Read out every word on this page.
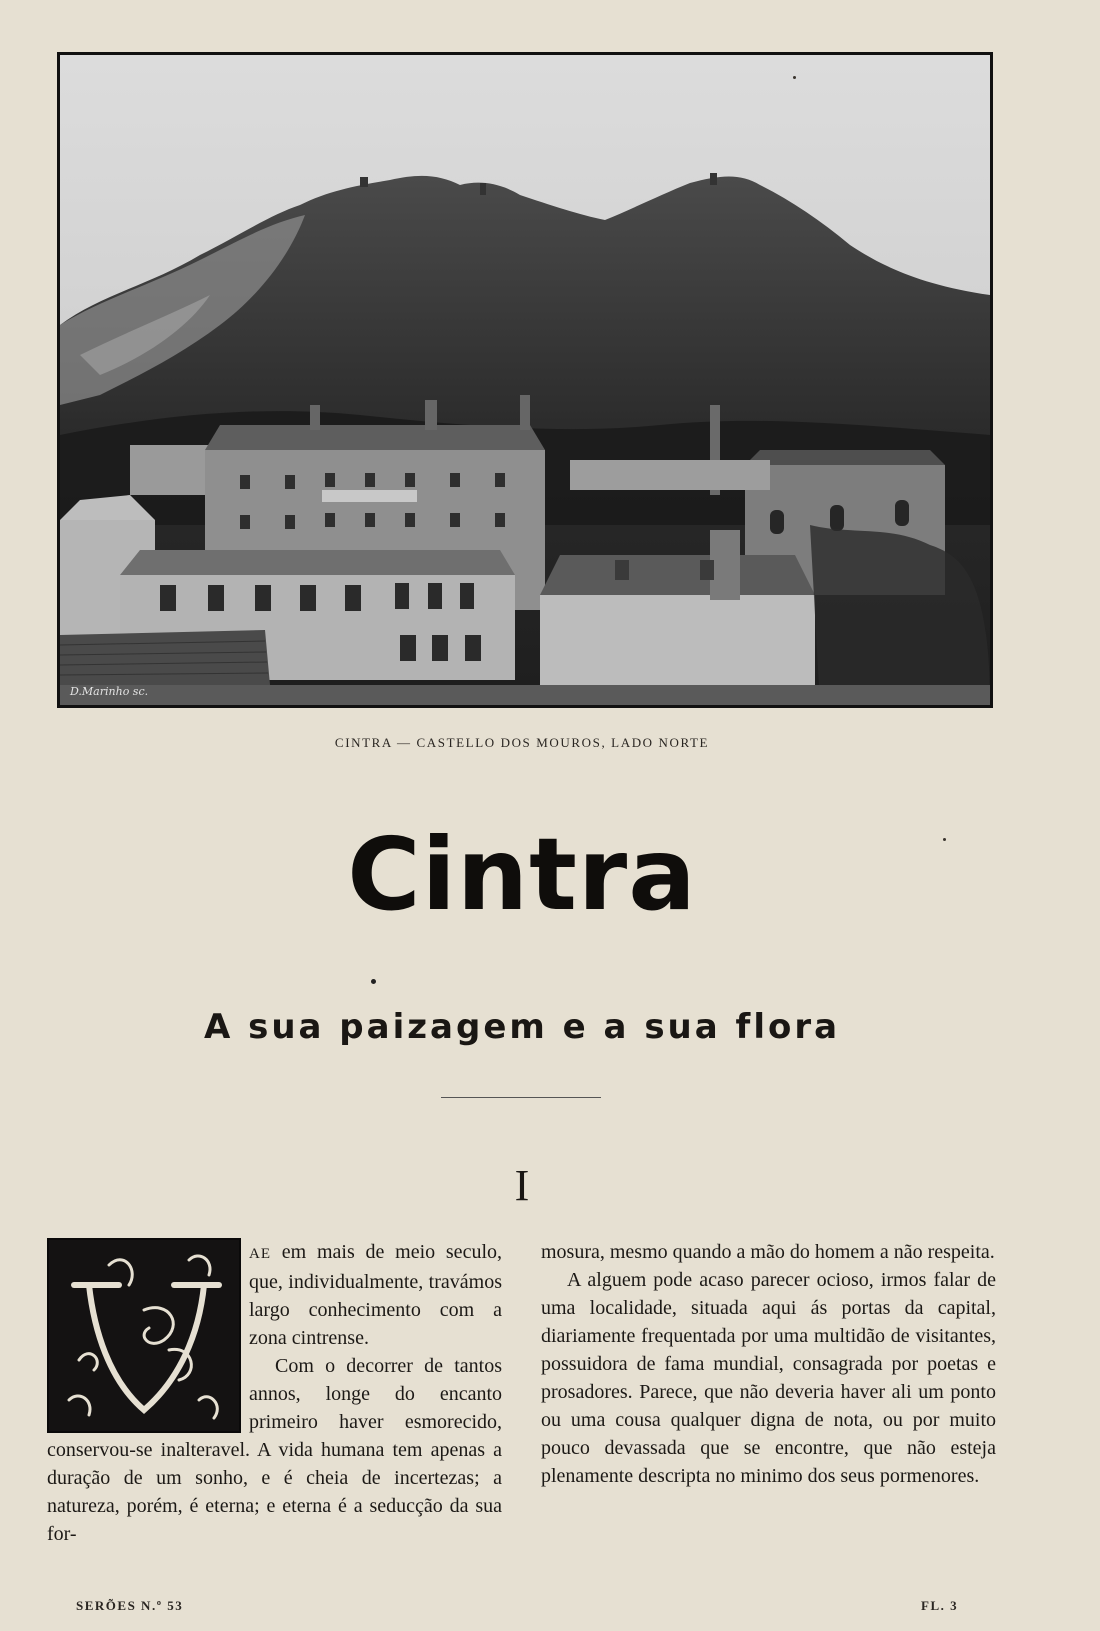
D.Marinho sc.
CINTRA — CASTELLO DOS MOUROS, LADO NORTE
Cintra
A sua paizagem e a sua flora
I

AE em mais de meio seculo, que, individualmente, travámos largo conhecimento com a zona cintrense.

Com o decorrer de tantos annos, longe do encanto primeiro haver esmorecido, conservou-se inalteravel. A vida humana tem apenas a duração de um sonho, e é cheia de incertezas; a natureza, porém, é eterna; e eterna é a seducção da sua for-

mosura, mesmo quando a mão do homem a não respeita.

A alguem pode acaso parecer ocioso, irmos falar de uma localidade, situada aqui ás portas da capital, diariamente frequentada por uma multidão de visitantes, possuidora de fama mundial, consagrada por poetas e prosadores. Parece, que não deveria haver ali um ponto ou uma cousa qualquer digna de nota, ou por muito pouco devassada que se encontre, que não esteja plenamente descripta no minimo dos seus pormenores.

SERÕES N.º 53	FL. 3
